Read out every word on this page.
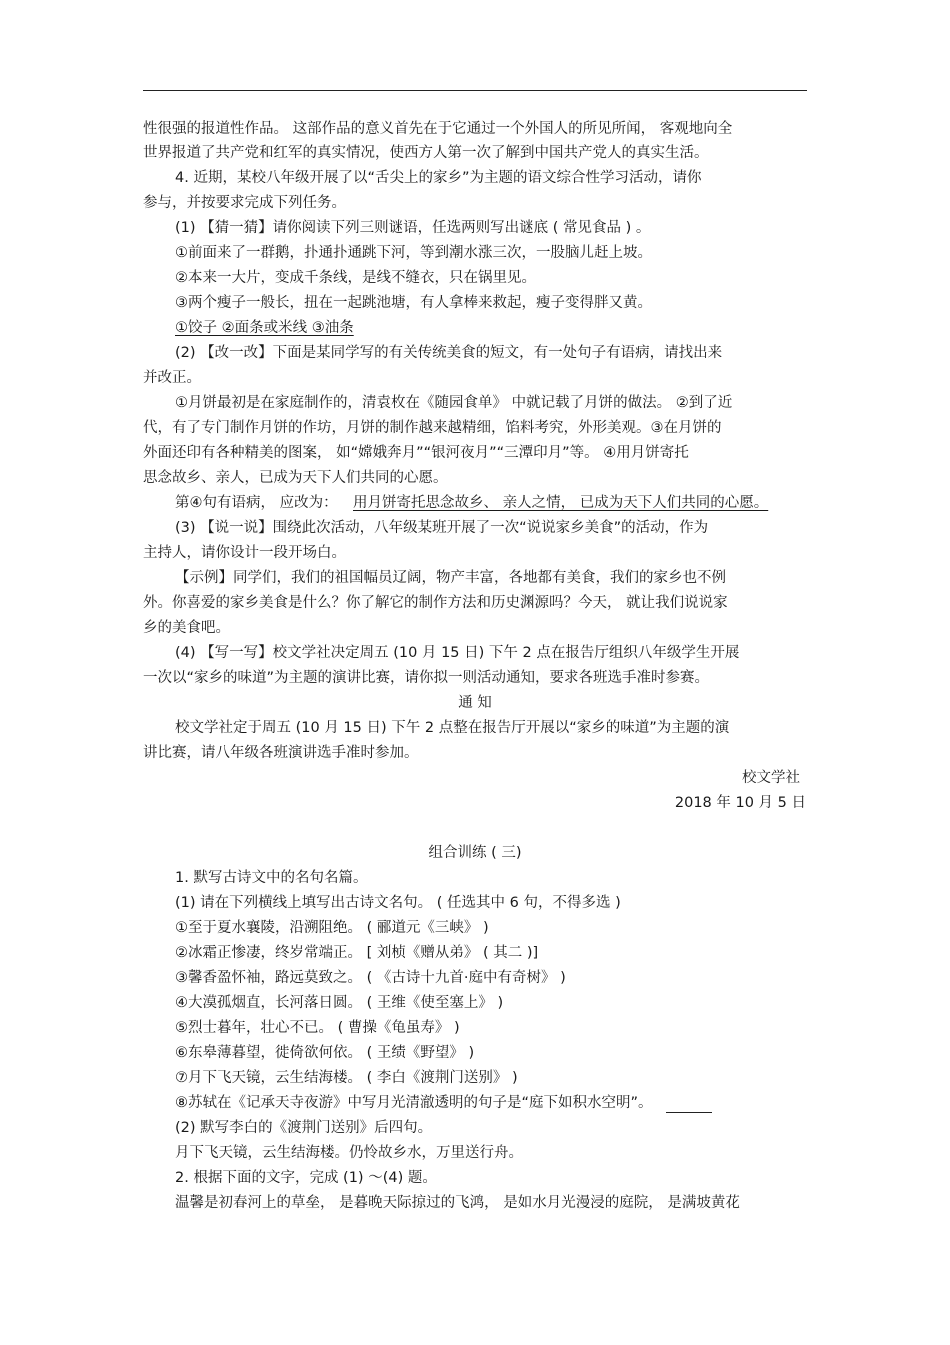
性很强的报道性作品。 这部作品的意义首先在于它通过一个外国人的所见所闻， 客观地向全
世界报道了共产党和红军的真实情况，使西方人第一次了解到中国共产党人的真实生活。
4. 近期，某校八年级开展了以“舌尖上的家乡”为主题的语文综合性学习活动，请你
参与，并按要求完成下列任务。
(1) 【猜一猜】请你阅读下列三则谜语，任选两则写出谜底 ( 常见食品 ) 。
①前面来了一群鹅，扑通扑通跳下河，等到潮水涨三次，一股脑儿赶上坡。
②本来一大片，变成千条线，是线不缝衣，只在锅里见。
③两个瘦子一般长，扭在一起跳池塘，有人拿棒来救起，瘦子变得胖又黄。
①饺子 ②面条或米线 ③油条
(2) 【改一改】下面是某同学写的有关传统美食的短文，有一处句子有语病，请找出来
并改正。
①月饼最初是在家庭制作的，清袁枚在《随园食单》 中就记载了月饼的做法。 ②到了近
代，有了专门制作月饼的作坊，月饼的制作越来越精细，馅料考究，外形美观。③在月饼的
外面还印有各种精美的图案， 如“嫦娥奔月”“银河夜月”“三潭印月”等。 ④用月饼寄托
思念故乡、亲人，已成为天下人们共同的心愿。
第④句有语病， 应改为： 用月饼寄托思念故乡、 亲人之情， 已成为天下人们共同的心愿。
(3) 【说一说】围绕此次活动，八年级某班开展了一次“说说家乡美食”的活动，作为
主持人，请你设计一段开场白。
【示例】同学们，我们的祖国幅员辽阔，物产丰富，各地都有美食，我们的家乡也不例
外。你喜爱的家乡美食是什么？你了解它的制作方法和历史渊源吗？今天， 就让我们说说家
乡的美食吧。
(4) 【写一写】校文学社决定周五 (10 月 15 日) 下午 2 点在报告厅组织八年级学生开展
一次以“家乡的味道”为主题的演讲比赛，请你拟一则活动通知，要求各班选手准时参赛。
通 知
校文学社定于周五 (10 月 15 日) 下午 2 点整在报告厅开展以“家乡的味道”为主题的演
讲比赛，请八年级各班演讲选手准时参加。
校文学社
2018 年 10 月 5 日
组合训练 ( 三)
1. 默写古诗文中的名句名篇。
(1) 请在下列横线上填写出古诗文名句。 ( 任选其中 6 句，不得多选 )
①至于夏水襄陵，沿溯阻绝。 ( 郦道元《三峡》 )
②冰霜正惨凄，终岁常端正。 [ 刘桢《赠从弟》 ( 其二 )]
③馨香盈怀袖，路远莫致之。 ( 《古诗十九首·庭中有奇树》 )
④大漠孤烟直，长河落日圆。 ( 王维《使至塞上》 )
⑤烈士暮年，壮心不已。 ( 曹操《龟虽寿》 )
⑥东皋薄暮望，徙倚欲何依。 ( 王绩《野望》 )
⑦月下飞天镜，云生结海楼。 ( 李白《渡荆门送别》 )
⑧苏轼在《记承天寺夜游》中写月光清澈透明的句子是“庭下如积水空明”。
(2) 默写李白的《渡荆门送别》后四句。
月下飞天镜，云生结海楼。仍怜故乡水，万里送行舟。
2. 根据下面的文字，完成 (1) ～(4) 题。
温馨是初春河上的草垒， 是暮晚天际掠过的飞鸿， 是如水月光漫浸的庭院， 是满坡黄花
